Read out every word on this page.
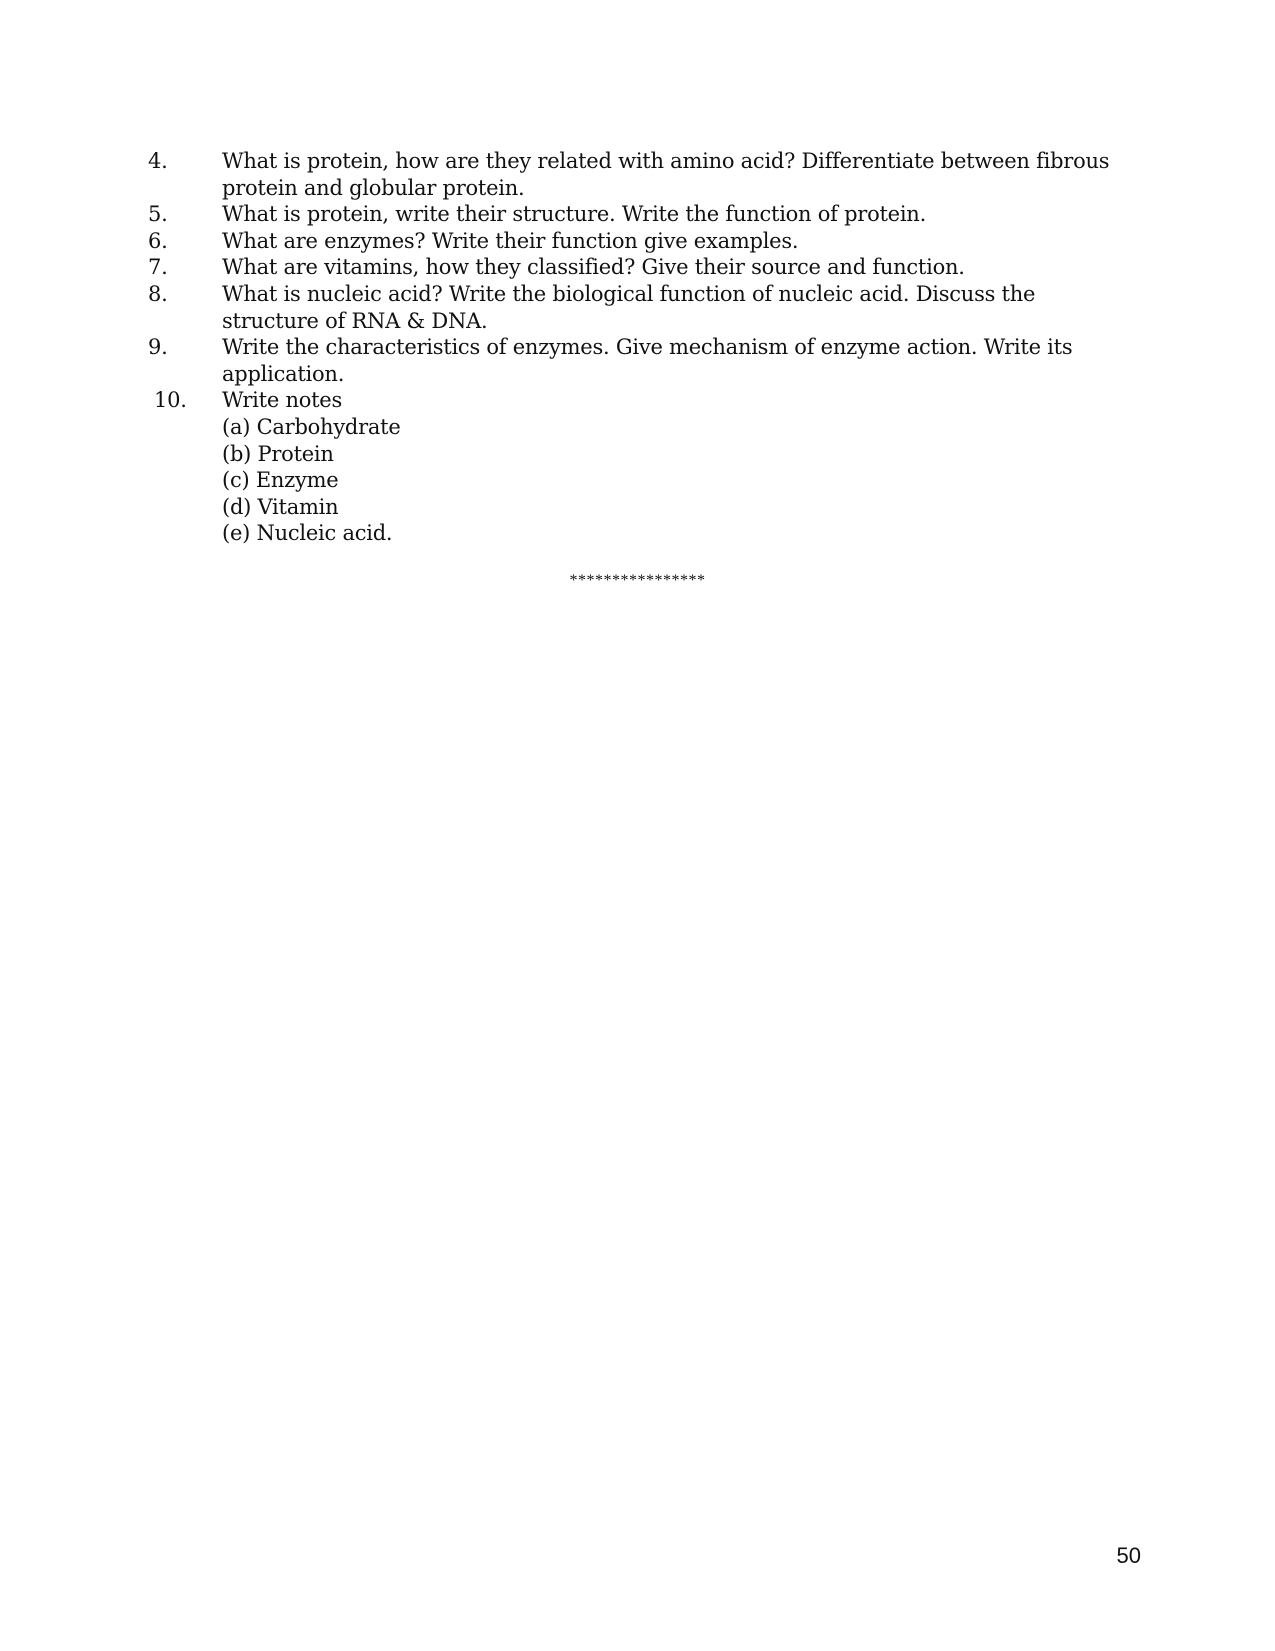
4.	What is protein, how are they related with amino acid? Differentiate between fibrous protein and globular protein.
5.	What is protein, write their structure. Write the function of protein.
6.	What are enzymes? Write their function give examples.
7.	What are vitamins, how they classified? Give their source and function.
8.	What is nucleic acid? Write the biological function of nucleic acid. Discuss the structure of RNA & DNA.
9.	Write the characteristics of enzymes. Give mechanism of enzyme action. Write its application.
10. Write notes
(a) Carbohydrate
(b) Protein
(c) Enzyme
(d) Vitamin
(e) Nucleic acid.
****************
50
